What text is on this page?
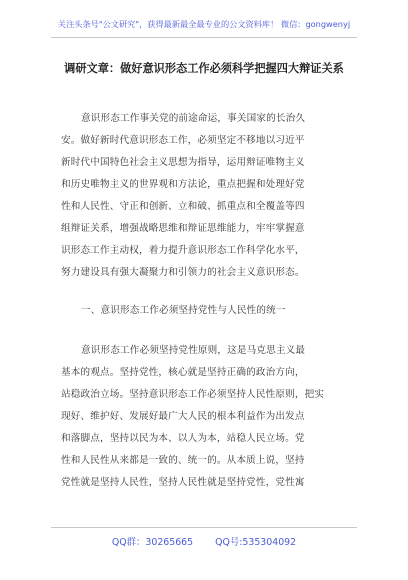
关注头条号"公文研究"，获得最新最全最专业的公文资料库！ 微信：gongwenyj
调研文章：做好意识形态工作必须科学把握四大辩证关系
意识形态工作事关党的前途命运，事关国家的长治久
安。做好新时代意识形态工作，必须坚定不移地以习近平
新时代中国特色社会主义思想为指导，运用辩证唯物主义
和历史唯物主义的世界观和方法论，重点把握和处理好党
性和人民性、守正和创新、立和破、抓重点和全覆盖等四
组辩证关系，增强战略思维和辩证思维能力，牢牢掌握意
识形态工作主动权，着力提升意识形态工作科学化水平，
努力建设具有强大凝聚力和引领力的社会主义意识形态。
一、意识形态工作必须坚持党性与人民性的统一
意识形态工作必须坚持党性原则，这是马克思主义最
基本的观点。坚持党性，核心就是坚持正确的政治方向，
站稳政治立场。坚持意识形态工作必须坚持人民性原则，把实
现好、维护好、发展好最广大人民的根本利益作为出发点
和落脚点，坚持以民为本、以人为本，站稳人民立场。党
性和人民性从来都是一致的、统一的。从本质上说，坚持
党性就是坚持人民性，坚持人民性就是坚持党性，党性寓
QQ群：30265665 QQ号:535304092
